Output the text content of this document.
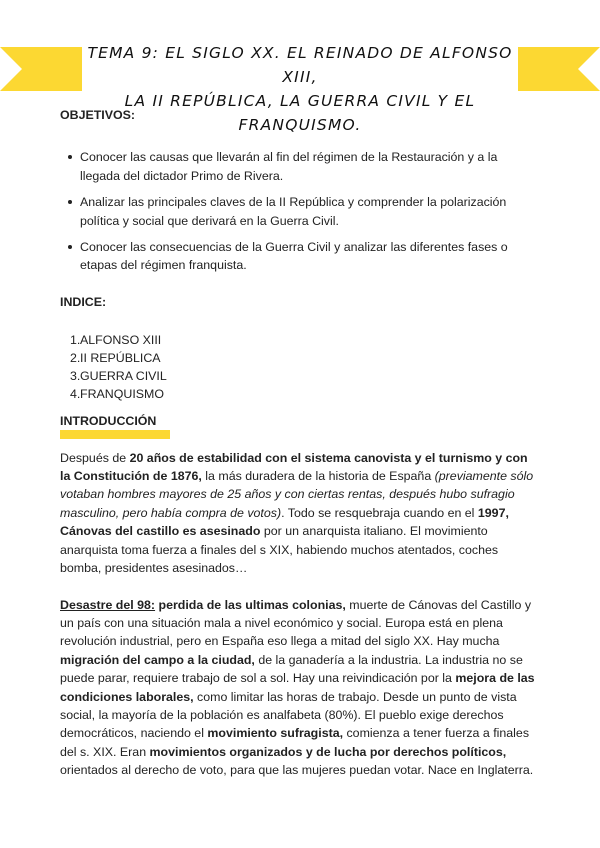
TEMA 9: EL SIGLO XX. EL REINADO DE ALFONSO XIII,
LA II REPÚBLICA, LA GUERRA CIVIL Y EL FRANQUISMO.
OBJETIVOS:
Conocer las causas que llevarán al fin del régimen de la Restauración y a la llegada del dictador Primo de Rivera.
Analizar las principales claves de la II República y comprender la polarización política y social que derivará en la Guerra Civil.
Conocer las consecuencias de la Guerra Civil y analizar las diferentes fases o etapas del régimen franquista.
INDICE:
1. ALFONSO XIII
2. II REPÚBLICA
3. GUERRA CIVIL
4. FRANQUISMO
INTRODUCCIÓN

Después de 20 años de estabilidad con el sistema canovista y el turnismo y con la Constitución de 1876, la más duradera de la historia de España (previamente sólo votaban hombres mayores de 25 años y con ciertas rentas, después hubo sufragio masculino, pero había compra de votos). Todo se resquebraja cuando en el 1997, Cánovas del castillo es asesinado por un anarquista italiano. El movimiento anarquista toma fuerza a finales del s XIX, habiendo muchos atentados, coches bomba, presidentes asesinados…

Desastre del 98: perdida de las ultimas colonias, muerte de Cánovas del Castillo y un país con una situación mala a nivel económico y social. Europa está en plena revolución industrial, pero en España eso llega a mitad del siglo XX. Hay mucha migración del campo a la ciudad, de la ganadería a la industria. La industria no se puede parar, requiere trabajo de sol a sol. Hay una reivindicación por la mejora de las condiciones laborales, como limitar las horas de trabajo. Desde un punto de vista social, la mayoría de la población es analfabeta (80%). El pueblo exige derechos democráticos, naciendo el movimiento sufragista, comienza a tener fuerza a finales del s. XIX. Eran movimientos organizados y de lucha por derechos políticos, orientados al derecho de voto, para que las mujeres puedan votar. Nace en Inglaterra.
